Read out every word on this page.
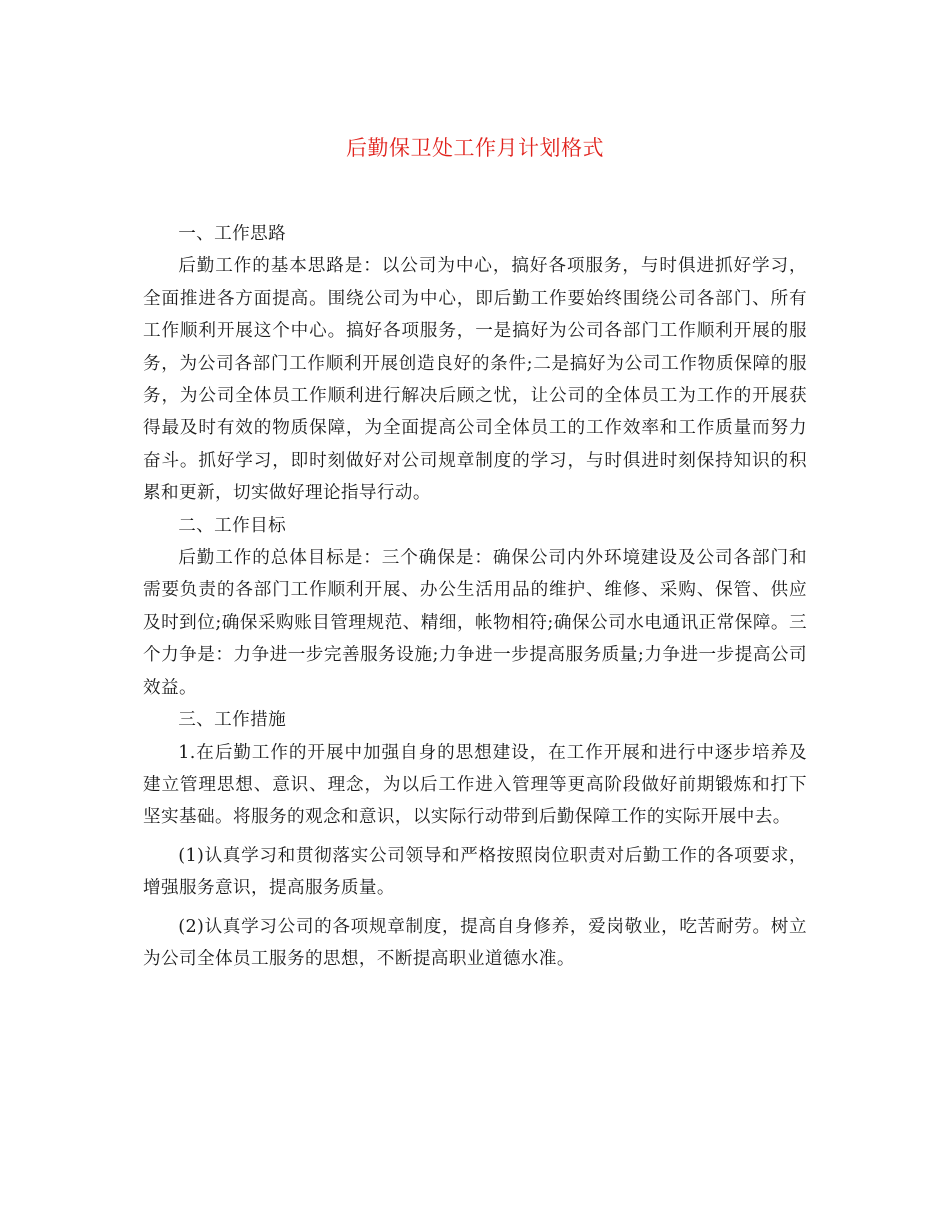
后勤保卫处工作月计划格式

一、工作思路

后勤工作的基本思路是：以公司为中心，搞好各项服务，与时俱进抓好学习，全面推进各方面提高。围绕公司为中心，即后勤工作要始终围绕公司各部门、所有工作顺利开展这个中心。搞好各项服务，一是搞好为公司各部门工作顺利开展的服务，为公司各部门工作顺利开展创造良好的条件;二是搞好为公司工作物质保障的服务，为公司全体员工作顺利进行解决后顾之忧，让公司的全体员工为工作的开展获得最及时有效的物质保障，为全面提高公司全体员工的工作效率和工作质量而努力奋斗。抓好学习，即时刻做好对公司规章制度的学习，与时俱进时刻保持知识的积累和更新，切实做好理论指导行动。

二、工作目标

后勤工作的总体目标是：三个确保是：确保公司内外环境建设及公司各部门和需要负责的各部门工作顺利开展、办公生活用品的维护、维修、采购、保管、供应及时到位;确保采购账目管理规范、精细，帐物相符;确保公司水电通讯正常保障。三个力争是：力争进一步完善服务设施;力争进一步提高服务质量;力争进一步提高公司效益。

三、工作措施

1.在后勤工作的开展中加强自身的思想建设，在工作开展和进行中逐步培养及建立管理思想、意识、理念，为以后工作进入管理等更高阶段做好前期锻炼和打下坚实基础。将服务的观念和意识，以实际行动带到后勤保障工作的实际开展中去。

(1)认真学习和贯彻落实公司领导和严格按照岗位职责对后勤工作的各项要求，增强服务意识，提高服务质量。

(2)认真学习公司的各项规章制度，提高自身修养，爱岗敬业，吃苦耐劳。树立为公司全体员工服务的思想，不断提高职业道德水准。
